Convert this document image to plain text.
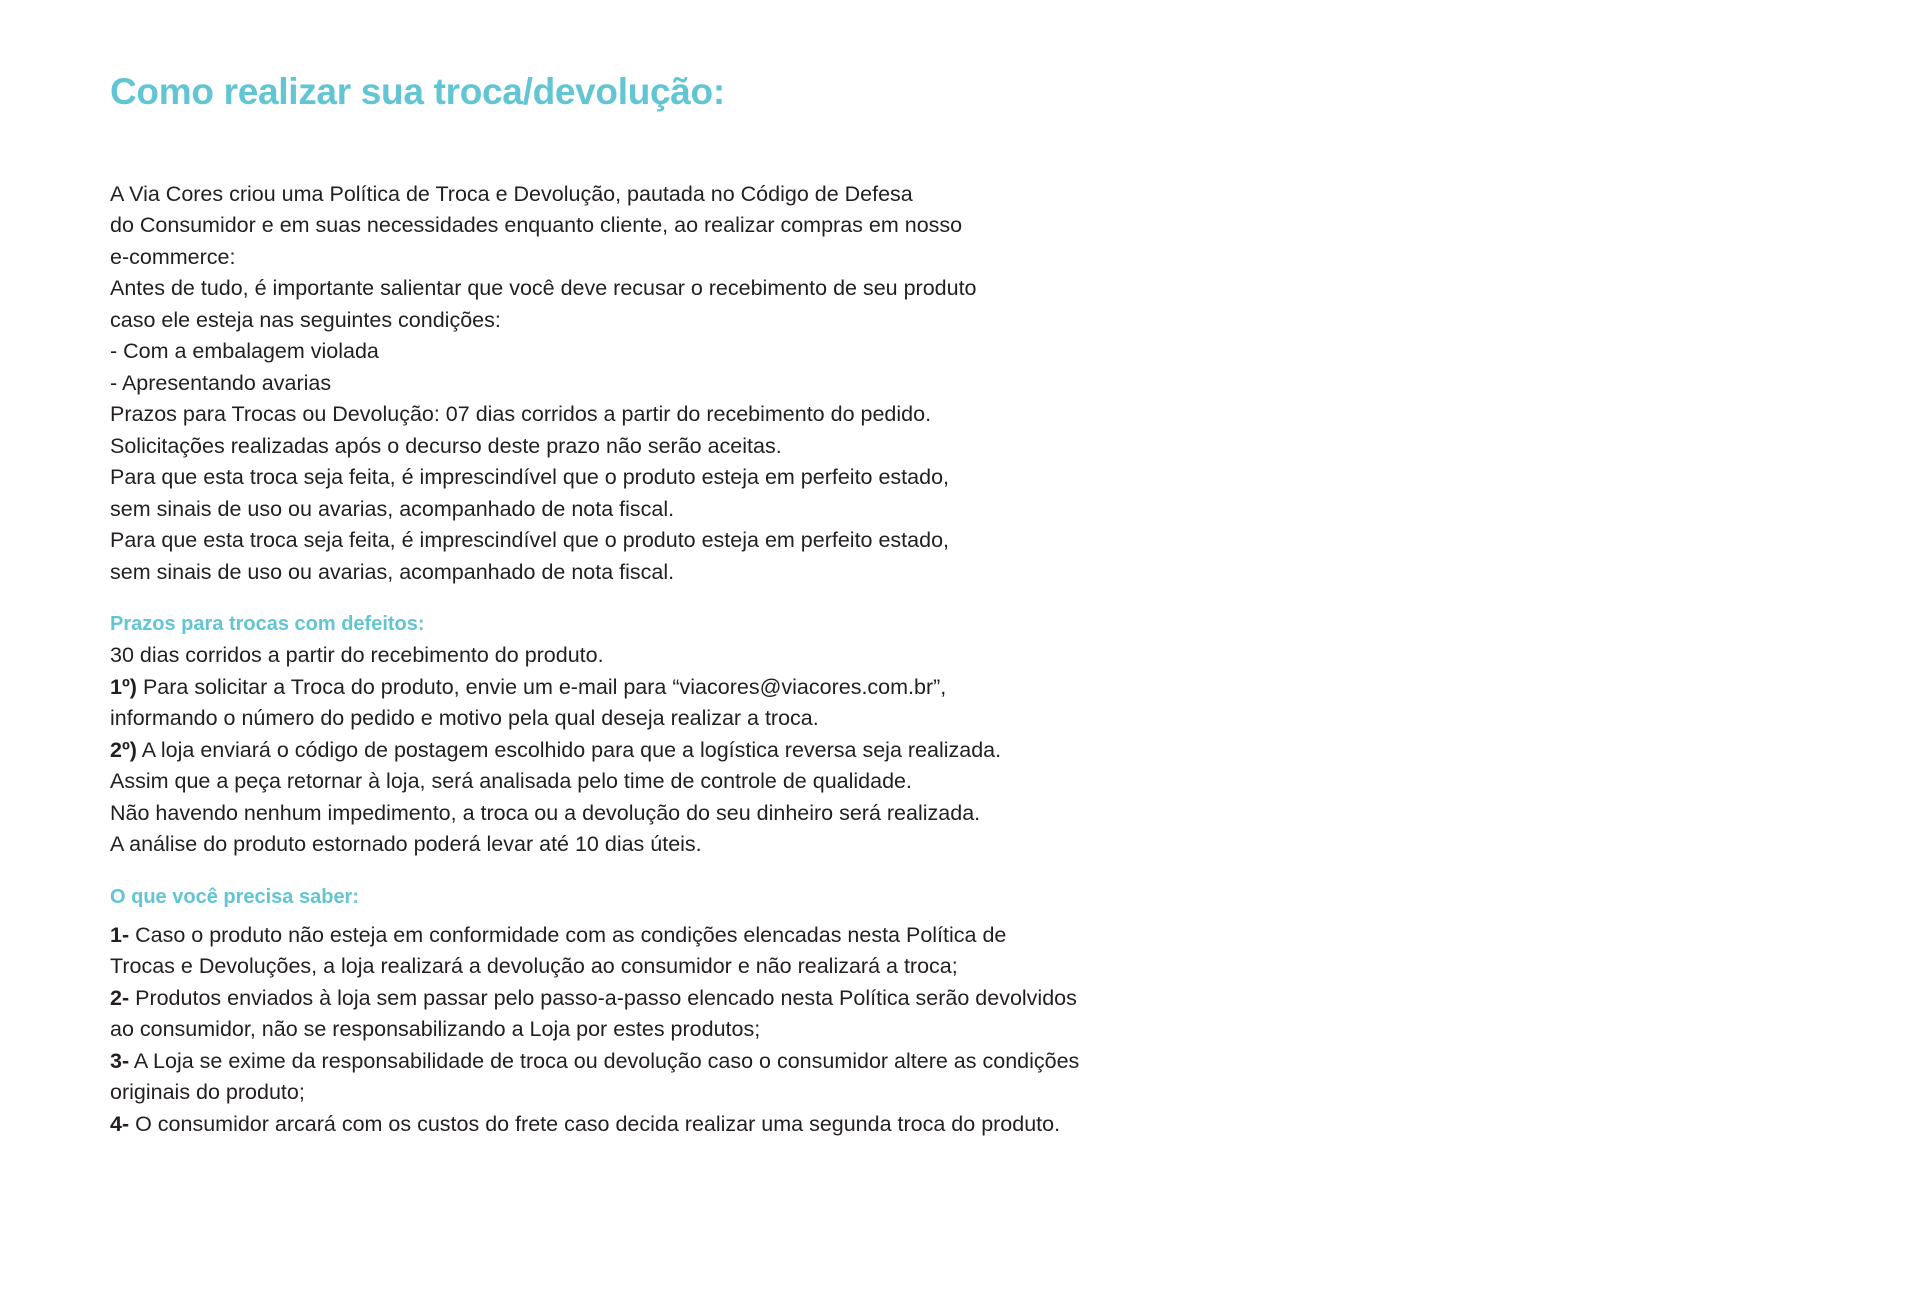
Como realizar sua troca/devolução:
A Via Cores criou uma Política de Troca e Devolução, pautada no Código de Defesa
do Consumidor e em suas necessidades enquanto cliente, ao realizar compras em nosso
e-commerce:
Antes de tudo, é importante salientar que você deve recusar o recebimento de seu produto
caso ele esteja nas seguintes condições:
- Com a embalagem violada
- Apresentando avarias
Prazos para Trocas ou Devolução: 07 dias corridos a partir do recebimento do pedido.
Solicitações realizadas após o decurso deste prazo não serão aceitas.
Para que esta troca seja feita, é imprescindível que o produto esteja em perfeito estado,
sem sinais de uso ou avarias, acompanhado de nota fiscal.
Para que esta troca seja feita, é imprescindível que o produto esteja em perfeito estado,
sem sinais de uso ou avarias, acompanhado de nota fiscal.
Prazos para trocas com defeitos:
30 dias corridos a partir do recebimento do produto.
1º) Para solicitar a Troca do produto, envie um e-mail para “viacores@viacores.com.br”,
informando o número do pedido e motivo pela qual deseja realizar a troca.
2º) A loja enviará o código de postagem escolhido para que a logística reversa seja realizada.
Assim que a peça retornar à loja, será analisada pelo time de controle de qualidade.
Não havendo nenhum impedimento, a troca ou a devolução do seu dinheiro será realizada.
A análise do produto estornado poderá levar até 10 dias úteis.
O que você precisa saber:
1- Caso o produto não esteja em conformidade com as condições elencadas nesta Política de
Trocas e Devoluções, a loja realizará a devolução ao consumidor e não realizará a troca;
2- Produtos enviados à loja sem passar pelo passo-a-passo elencado nesta Política serão devolvidos
ao consumidor, não se responsabilizando a Loja por estes produtos;
3- A Loja se exime da responsabilidade de troca ou devolução caso o consumidor altere as condições
originais do produto;
4- O consumidor arcará com os custos do frete caso decida realizar uma segunda troca do produto.
